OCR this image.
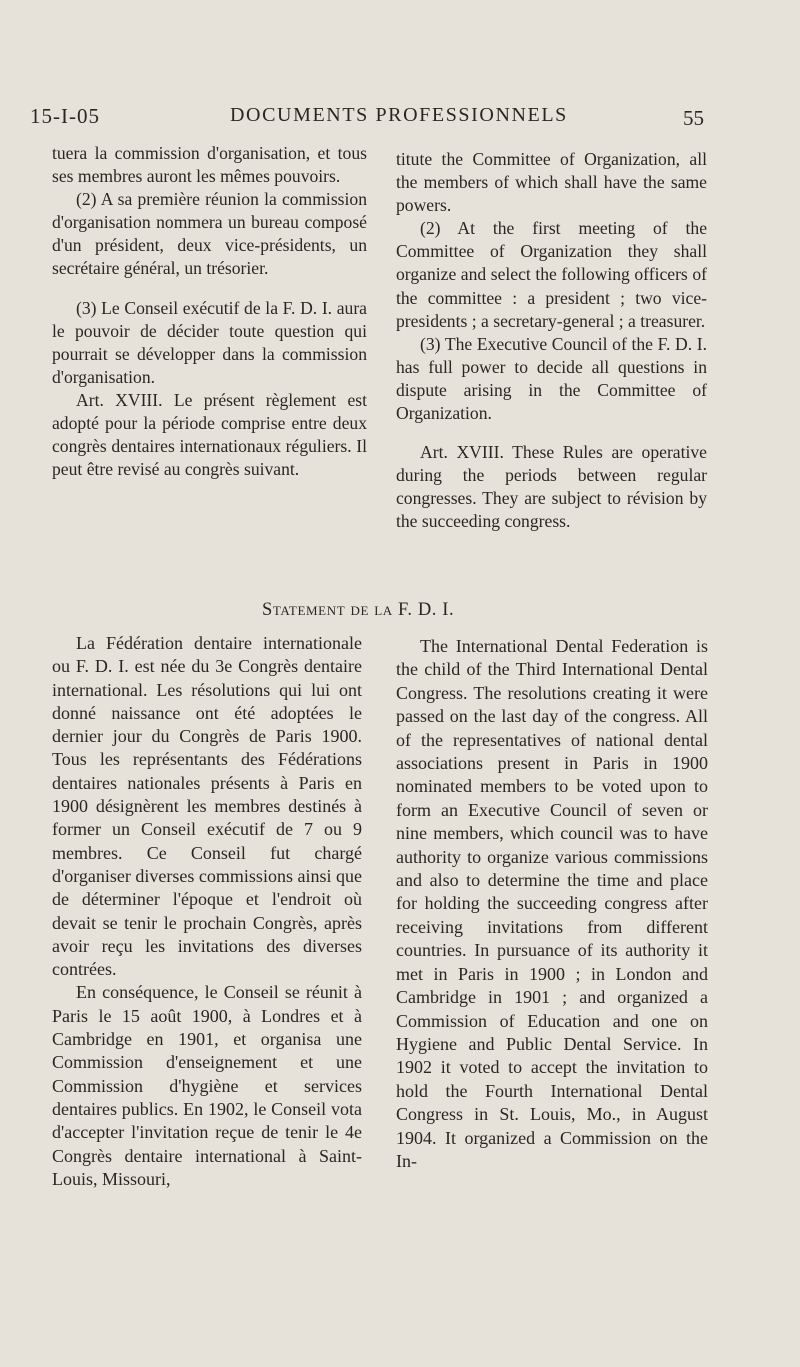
15-I-05	DOCUMENTS PROFESSIONNELS	55

tuera la commission d'organisation, et tous ses membres auront les mêmes pouvoirs.

(2) A sa première réunion la commission d'organisation nommera un bureau composé d'un président, deux vice-présidents, un secrétaire général, un trésorier.

(3) Le Conseil exécutif de la F. D. I. aura le pouvoir de décider toute question qui pourrait se développer dans la commission d'organisation.

Art. XVIII. Le présent règlement est adopté pour la période comprise entre deux congrès dentaires internationaux réguliers. Il peut être revisé au congrès suivant.

titute the Committee of Organization, all the members of which shall have the same powers.

(2) At the first meeting of the Committee of Organization they shall organize and select the following officers of the committee : a president ; two vice-presidents ; a secretary-general ; a treasurer.

(3) The Executive Council of the F. D. I. has full power to decide all questions in dispute arising in the Committee of Organization.

Art. XVIII. These Rules are operative during the periods between regular congresses. They are subject to révision by the succeeding congress.

Statement de la F. D. I.

La Fédération dentaire internationale ou F. D. I. est née du 3e Congrès dentaire international. Les résolutions qui lui ont donné naissance ont été adoptées le dernier jour du Congrès de Paris 1900. Tous les représentants des Fédérations dentaires nationales présents à Paris en 1900 désignèrent les membres destinés à former un Conseil exécutif de 7 ou 9 membres. Ce Conseil fut chargé d'organiser diverses commissions ainsi que de déterminer l'époque et l'endroit où devait se tenir le prochain Congrès, après avoir reçu les invitations des diverses contrées.

En conséquence, le Conseil se réunit à Paris le 15 août 1900, à Londres et à Cambridge en 1901, et organisa une Commission d'enseignement et une Commission d'hygiène et services dentaires publics. En 1902, le Conseil vota d'accepter l'invitation reçue de tenir le 4e Congrès dentaire international à Saint-Louis, Missouri,

The International Dental Federation is the child of the Third International Dental Congress. The resolutions creating it were passed on the last day of the congress. All of the representatives of national dental associations present in Paris in 1900 nominated members to be voted upon to form an Executive Council of seven or nine members, which council was to have authority to organize various commissions and also to determine the time and place for holding the succeeding congress after receiving invitations from different countries. In pursuance of its authority it met in Paris in 1900 ; in London and Cambridge in 1901 ; and organized a Commission of Education and one on Hygiene and Public Dental Service. In 1902 it voted to accept the invitation to hold the Fourth International Dental Congress in St. Louis, Mo., in August 1904. It organized a Commission on the In-
